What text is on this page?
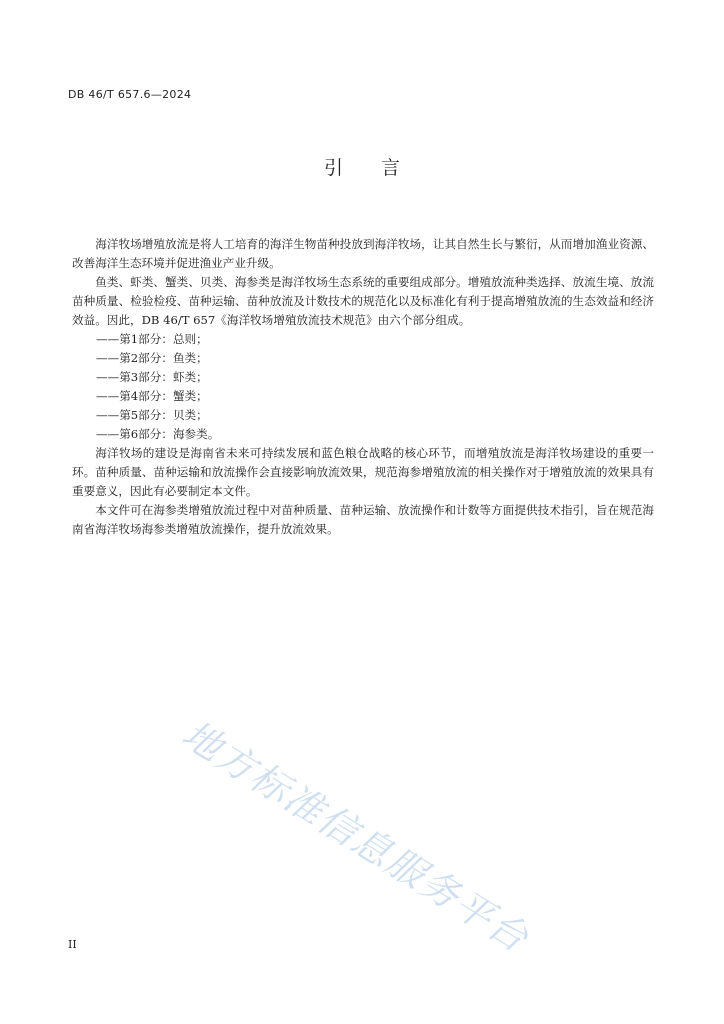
DB 46/T 657.6—2024
引言

海洋牧场增殖放流是将人工培育的海洋生物苗种投放到海洋牧场，让其自然生长与繁衍，从而增加渔业资源、改善海洋生态环境并促进渔业产业升级。

鱼类、虾类、蟹类、贝类、海参类是海洋牧场生态系统的重要组成部分。增殖放流种类选择、放流生境、放流苗种质量、检验检疫、苗种运输、苗种放流及计数技术的规范化以及标准化有利于提高增殖放流的生态效益和经济效益。因此，DB 46/T 657《海洋牧场增殖放流技术规范》由六个部分组成。

——第1部分：总则；

——第2部分：鱼类；

——第3部分：虾类；

——第4部分：蟹类；

——第5部分：贝类；

——第6部分：海参类。

海洋牧场的建设是海南省未来可持续发展和蓝色粮仓战略的核心环节，而增殖放流是海洋牧场建设的重要一环。苗种质量、苗种运输和放流操作会直接影响放流效果，规范海参增殖放流的相关操作对于增殖放流的效果具有重要意义，因此有必要制定本文件。

本文件可在海参类增殖放流过程中对苗种质量、苗种运输、放流操作和计数等方面提供技术指引，旨在规范海南省海洋牧场海参类增殖放流操作，提升放流效果。

地方标准信息服务平台
II
